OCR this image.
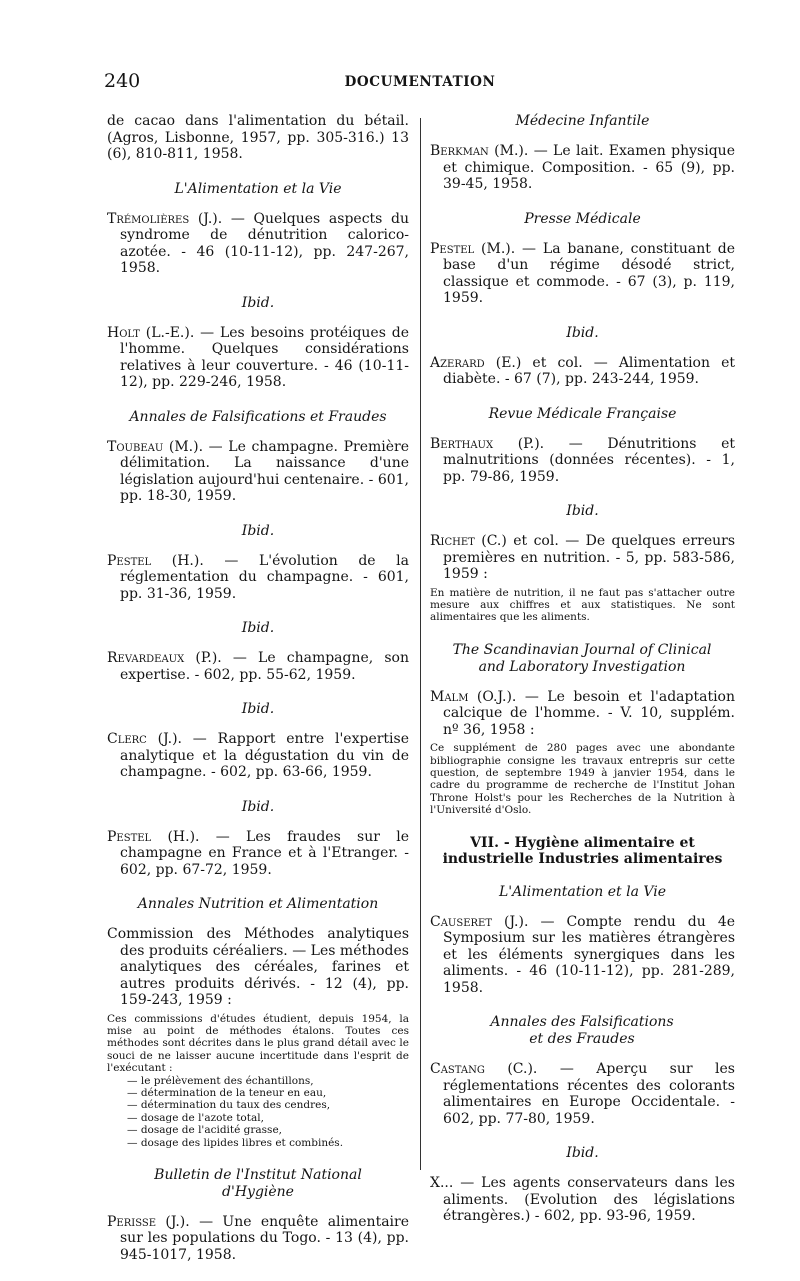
240	DOCUMENTATION

de cacao dans l'alimentation du bétail. (Agros, Lisbonne, 1957, pp. 305-316.) 13 (6), 810-811, 1958.

L'Alimentation et la Vie

Trémolières (J.). — Quelques aspects du syndrome de dénutrition calorico-azotée. - 46 (10-11-12), pp. 247-267, 1958.

Ibid.

Holt (L.-E.). — Les besoins protéiques de l'homme. Quelques considérations relatives à leur couverture. - 46 (10-11-12), pp. 229-246, 1958.

Annales de Falsifications et Fraudes

Toubeau (M.). — Le champagne. Première délimitation. La naissance d'une législation aujourd'hui centenaire. - 601, pp. 18-30, 1959.

Ibid.

Pestel (H.). — L'évolution de la réglementation du champagne. - 601, pp. 31-36, 1959.

Ibid.

Revardeaux (P.). — Le champagne, son expertise. - 602, pp. 55-62, 1959.

Ibid.

Clerc (J.). — Rapport entre l'expertise analytique et la dégustation du vin de champagne. - 602, pp. 63-66, 1959.

Ibid.

Pestel (H.). — Les fraudes sur le champagne en France et à l'Etranger. - 602, pp. 67-72, 1959.

Annales Nutrition et Alimentation

Commission des Méthodes analytiques des produits céréaliers. — Les méthodes analytiques des céréales, farines et autres produits dérivés. - 12 (4), pp. 159-243, 1959 :

Ces commissions d'études étudient, depuis 1954, la mise au point de méthodes étalons. Toutes ces méthodes sont décrites dans le plus grand détail avec le souci de ne laisser aucune incertitude dans l'esprit de l'exécutant :
— le prélèvement des échantillons,
— détermination de la teneur en eau,
— détermination du taux des cendres,
— dosage de l'azote total,
— dosage de l'acidité grasse,
— dosage des lipides libres et combinés.

Bulletin de l'Institut National d'Hygiène

Perisse (J.). — Une enquête alimentaire sur les populations du Togo. - 13 (4), pp. 945-1017, 1958.

Médecine Infantile

Berkman (M.). — Le lait. Examen physique et chimique. Composition. - 65 (9), pp. 39-45, 1958.

Presse Médicale

Pestel (M.). — La banane, constituant de base d'un régime désodé strict, classique et commode. - 67 (3), p. 119, 1959.

Ibid.

Azerard (E.) et col. — Alimentation et diabète. - 67 (7), pp. 243-244, 1959.

Revue Médicale Française

Berthaux (P.). — Dénutritions et malnutritions (données récentes). - 1, pp. 79-86, 1959.

Ibid.

Richet (C.) et col. — De quelques erreurs premières en nutrition. - 5, pp. 583-586, 1959 :

En matière de nutrition, il ne faut pas s'attacher outre mesure aux chiffres et aux statistiques. Ne sont alimentaires que les aliments.

The Scandinavian Journal of Clinical and Laboratory Investigation

Malm (O.J.). — Le besoin et l'adaptation calcique de l'homme. - V. 10, supplém. nº 36, 1958 :

Ce supplément de 280 pages avec une abondante bibliographie consigne les travaux entrepris sur cette question, de septembre 1949 à janvier 1954, dans le cadre du programme de recherche de l'Institut Johan Throne Holst's pour les Recherches de la Nutrition à l'Université d'Oslo.

VII. - Hygiène alimentaire et industrielle Industries alimentaires

L'Alimentation et la Vie

Causeret (J.). — Compte rendu du 4e Symposium sur les matières étrangères et les éléments synergiques dans les aliments. - 46 (10-11-12), pp. 281-289, 1958.

Annales des Falsifications et des Fraudes

Castang (C.). — Aperçu sur les réglementations récentes des colorants alimentaires en Europe Occidentale. - 602, pp. 77-80, 1959.

Ibid.

X... — Les agents conservateurs dans les aliments. (Evolution des législations étrangères.) - 602, pp. 93-96, 1959.
